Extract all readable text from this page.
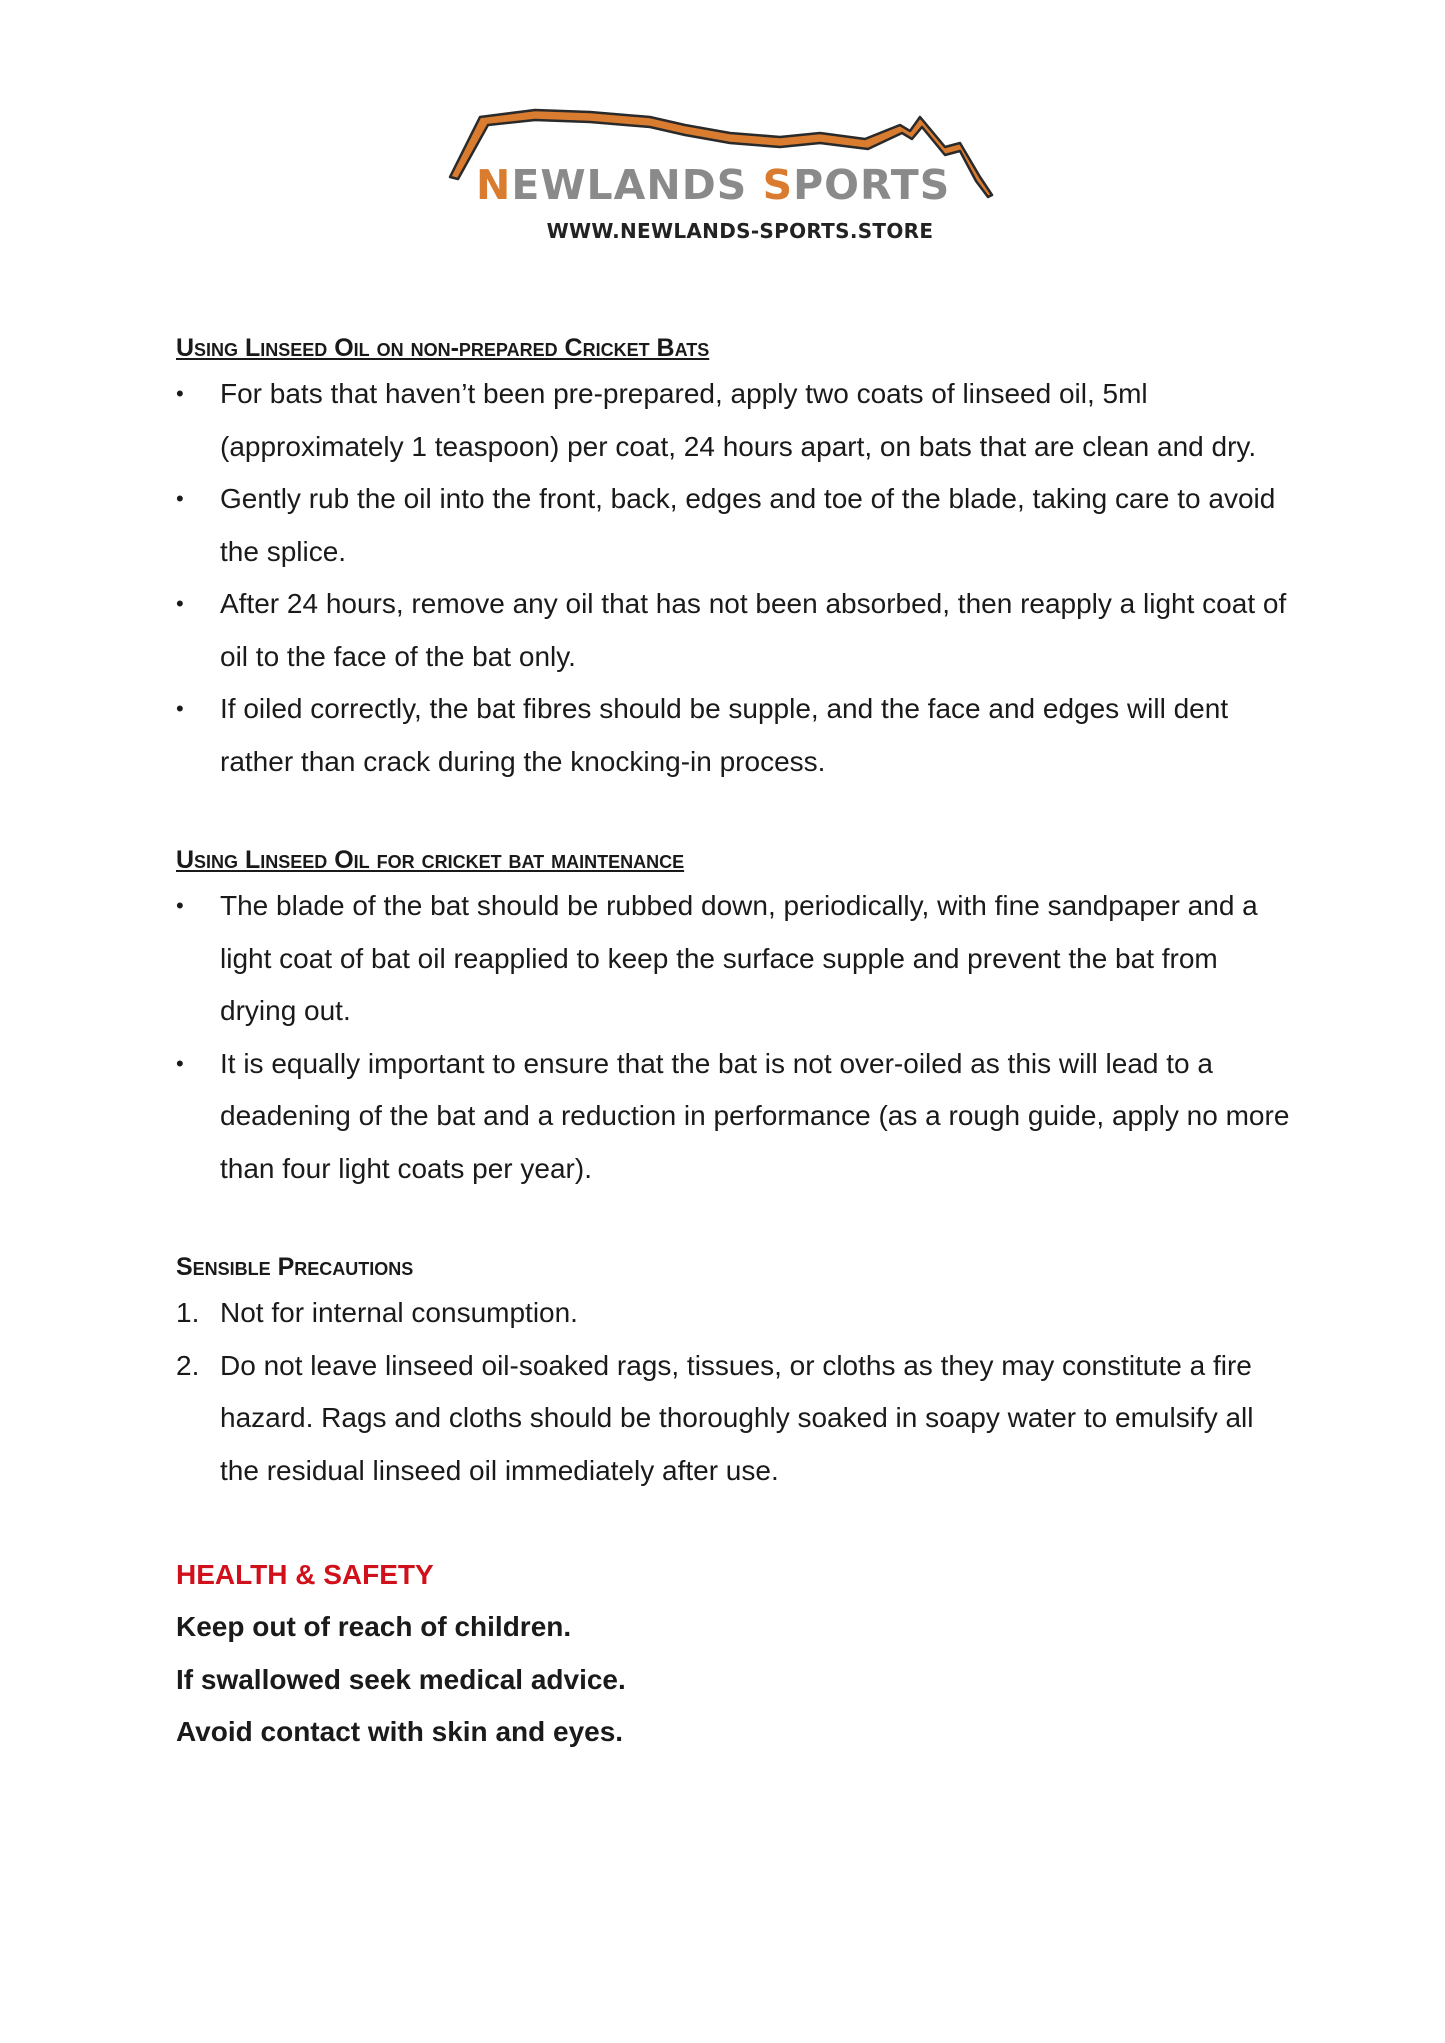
NEWLANDS SPORTS
WWW.NEWLANDS-SPORTS.STORE

Using Linseed Oil on non-prepared Cricket Bats

• For bats that haven’t been pre-prepared, apply two coats of linseed oil, 5ml (approximately 1 teaspoon) per coat, 24 hours apart, on bats that are clean and dry.
• Gently rub the oil into the front, back, edges and toe of the blade, taking care to avoid the splice.
• After 24 hours, remove any oil that has not been absorbed, then reapply a light coat of oil to the face of the bat only.
• If oiled correctly, the bat fibres should be supple, and the face and edges will dent rather than crack during the knocking-in process.

Using Linseed Oil for cricket bat maintenance

• The blade of the bat should be rubbed down, periodically, with fine sandpaper and a light coat of bat oil reapplied to keep the surface supple and prevent the bat from drying out.
• It is equally important to ensure that the bat is not over-oiled as this will lead to a deadening of the bat and a reduction in performance (as a rough guide, apply no more than four light coats per year).

Sensible Precautions

1. Not for internal consumption.
2. Do not leave linseed oil-soaked rags, tissues, or cloths as they may constitute a fire hazard. Rags and cloths should be thoroughly soaked in soapy water to emulsify all the residual linseed oil immediately after use.

HEALTH & SAFETY

Keep out of reach of children.

If swallowed seek medical advice.

Avoid contact with skin and eyes.
